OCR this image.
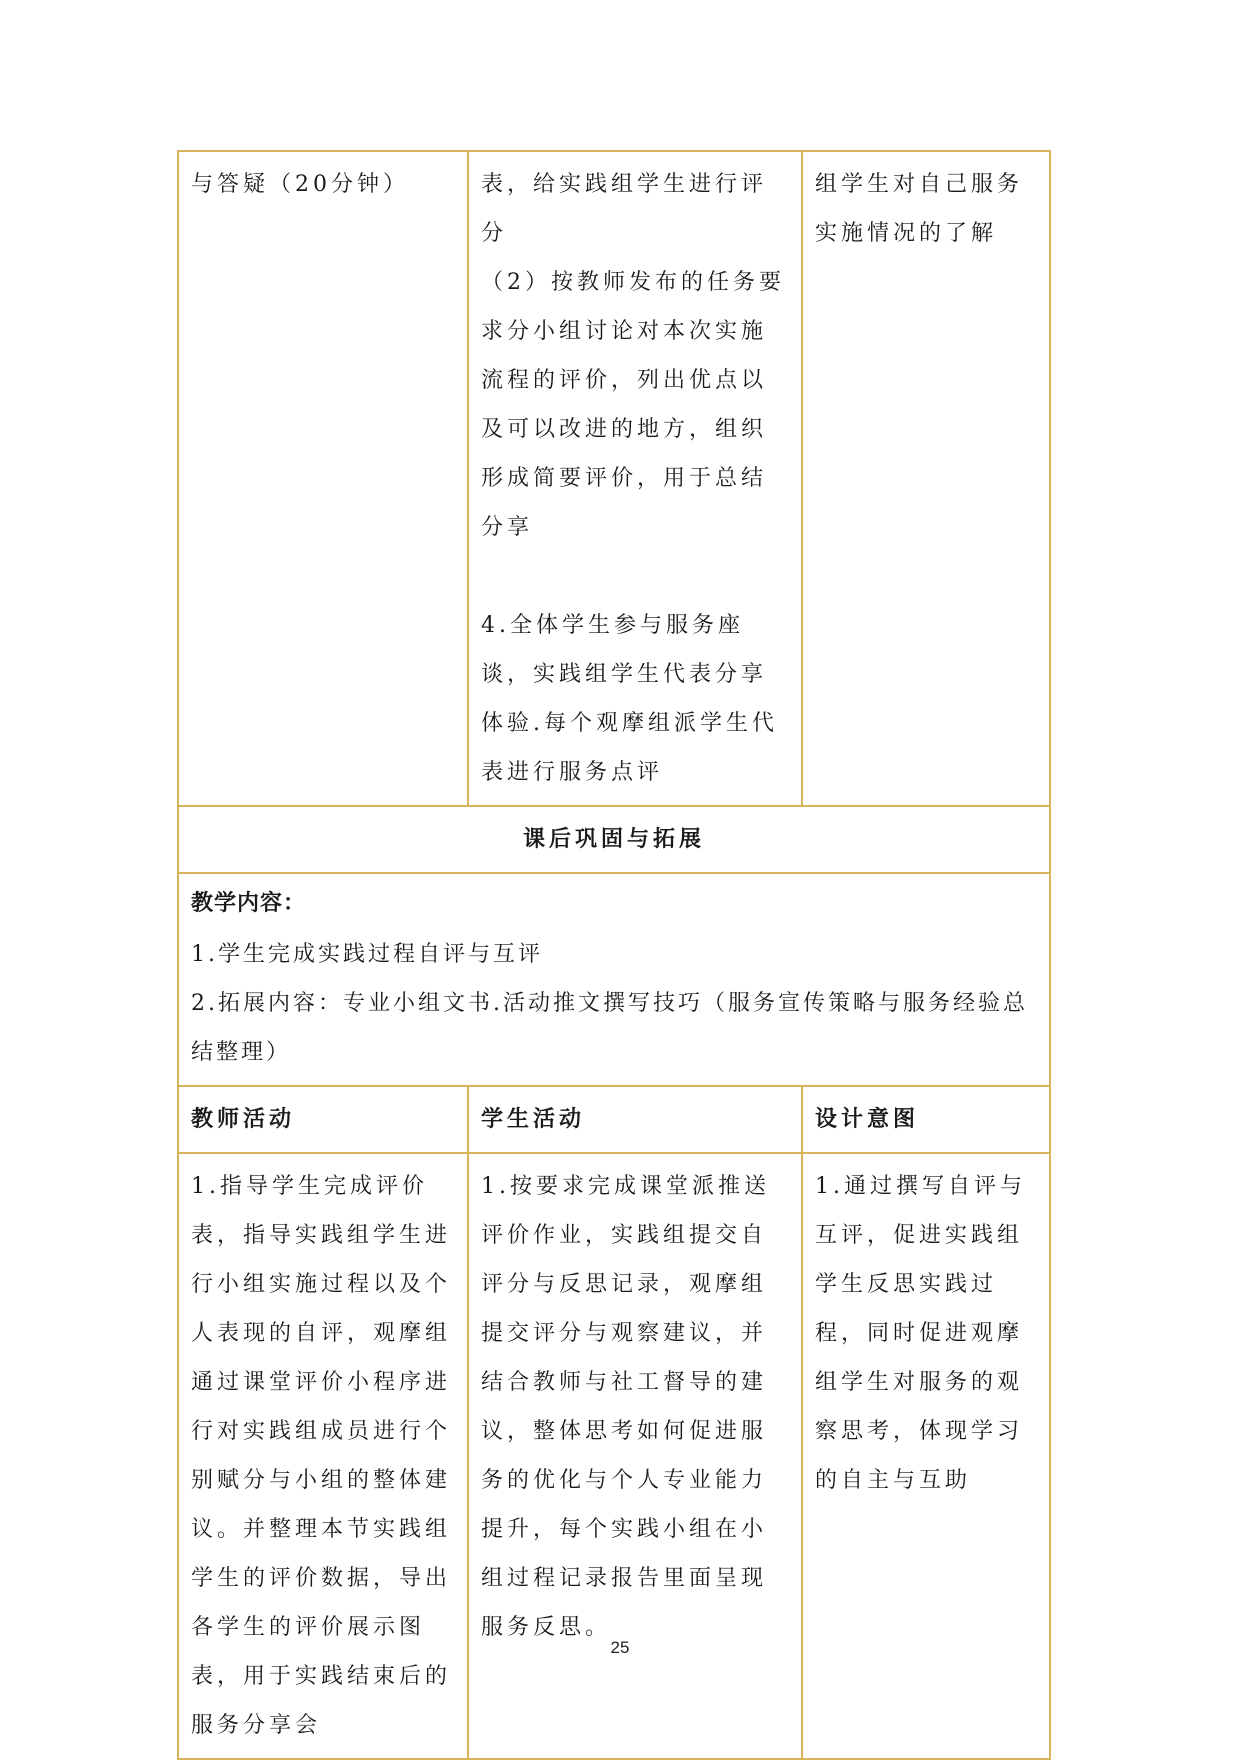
与答疑（20分钟）	表，给实践组学生进行评分
（2）按教师发布的任务要求分小组讨论对本次实施流程的评价，列出优点以及可以改进的地方，组织形成简要评价，用于总结分享
4.全体学生参与服务座谈，实践组学生代表分享体验.每个观摩组派学生代表进行服务点评	组学生对自己服务实施情况的了解
课后巩固与拓展		

教学内容：
1.学生完成实践过程自评与互评
2.拓展内容：专业小组文书.活动推文撰写技巧（服务宣传策略与服务经验总结整理）		

教师活动	学生活动	设计意图
1.指导学生完成评价表，指导实践组学生进行小组实施过程以及个人表现的自评，观摩组通过课堂评价小程序进行对实践组成员进行个别赋分与小组的整体建议。并整理本节实践组学生的评价数据，导出各学生的评价展示图表，用于实践结束后的服务分享会	1.按要求完成课堂派推送评价作业，实践组提交自评分与反思记录，观摩组提交评分与观察建议，并结合教师与社工督导的建议，整体思考如何促进服务的优化与个人专业能力提升，每个实践小组在小组过程记录报告里面呈现服务反思。	1.通过撰写自评与互评，促进实践组学生反思实践过程，同时促进观摩组学生对服务的观察思考，体现学习的自主与互助
25
